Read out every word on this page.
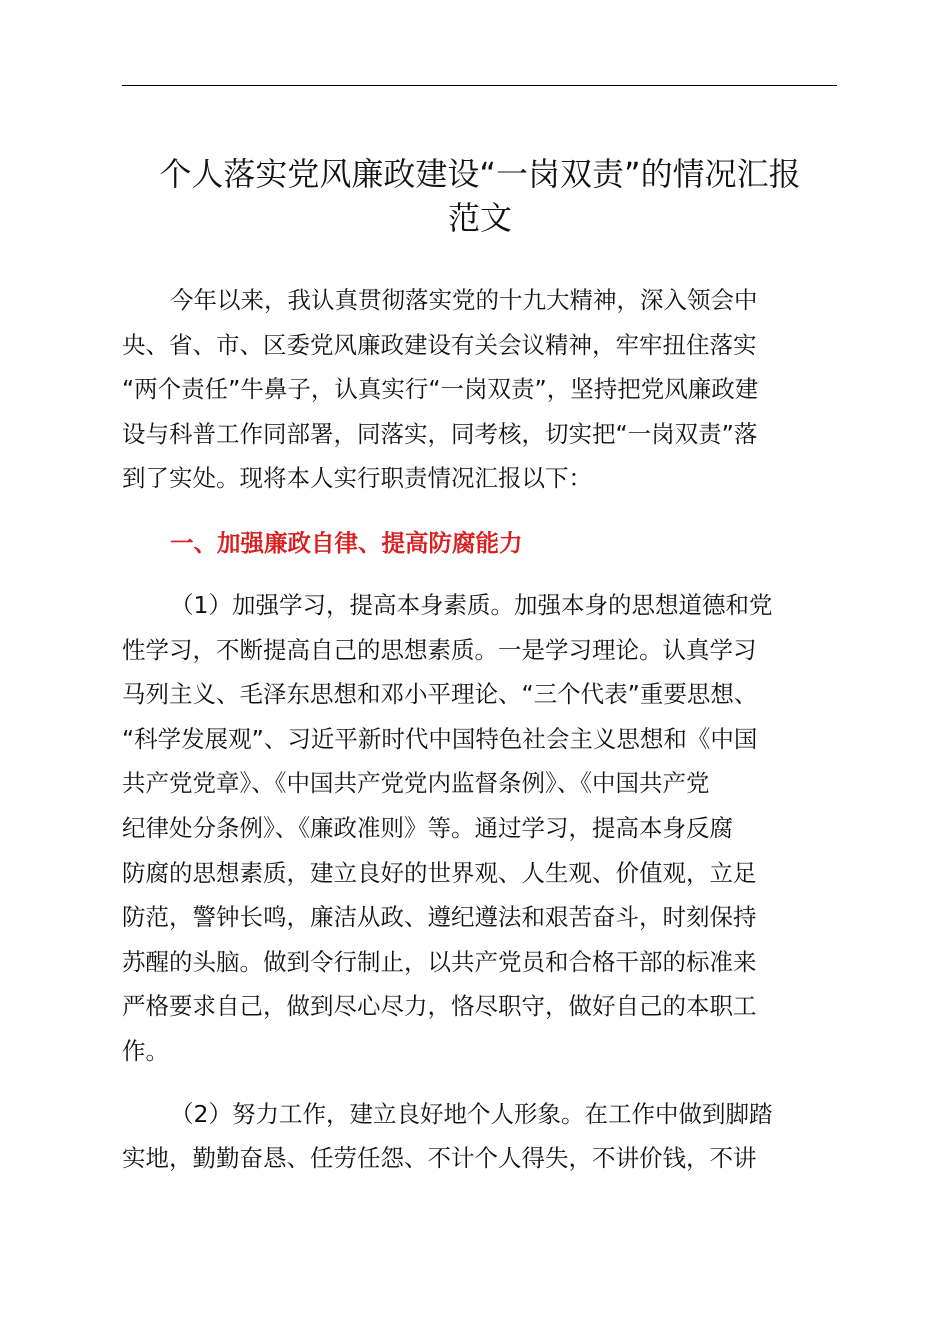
个人落实党风廉政建设“一岗双责”的情况汇报
范文

今年以来，我认真贯彻落实党的十九大精神，深入领会中
央、省、市、区委党风廉政建设有关会议精神，牢牢扭住落实
“两个责任”牛鼻子，认真实行“一岗双责”，坚持把党风廉政建
设与科普工作同部署，同落实，同考核，切实把“一岗双责”落
到了实处。现将本人实行职责情况汇报以下：

一、加强廉政自律、提高防腐能力

（1）加强学习，提高本身素质。加强本身的思想道德和党
性学习，不断提高自己的思想素质。一是学习理论。认真学习
马列主义、毛泽东思想和邓小平理论、“三个代表”重要思想、
“科学发展观”、习近平新时代中国特色社会主义思想和《中国
共产党党章》、《中国共产党党内监督条例》、《中国共产党
纪律处分条例》、《廉政准则》等。通过学习，提高本身反腐
防腐的思想素质，建立良好的世界观、人生观、价值观，立足
防范，警钟长鸣，廉洁从政、遵纪遵法和艰苦奋斗，时刻保持
苏醒的头脑。做到令行制止，以共产党员和合格干部的标准来
严格要求自己，做到尽心尽力，恪尽职守，做好自己的本职工
作。

（2）努力工作，建立良好地个人形象。在工作中做到脚踏
实地，勤勤奋恳、任劳任怨、不计个人得失，不讲价钱，不讲
